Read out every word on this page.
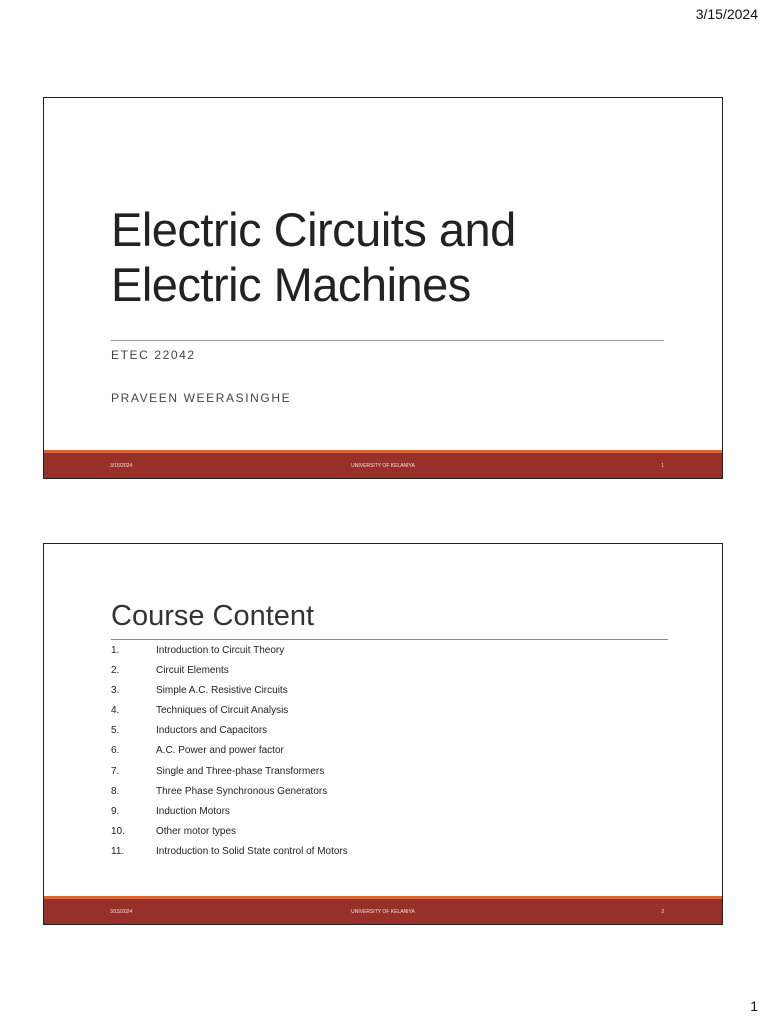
3/15/2024
Electric Circuits and
Electric Machines
ETEC 22042
PRAVEEN WEERASINGHE
3/15/2024	UNIVERSITY OF KELANIYA	1
Course Content
1.	Introduction to Circuit Theory
2.	Circuit Elements
3.	Simple A.C. Resistive Circuits
4.	Techniques of Circuit Analysis
5.	Inductors and Capacitors
6.	A.C. Power and power factor
7.	Single and Three-phase Transformers
8.	Three Phase Synchronous Generators
9.	Induction Motors
10.	Other motor types
11.	Introduction to Solid State control of Motors
3/15/2024	UNIVERSITY OF KELANIYA	2
1
